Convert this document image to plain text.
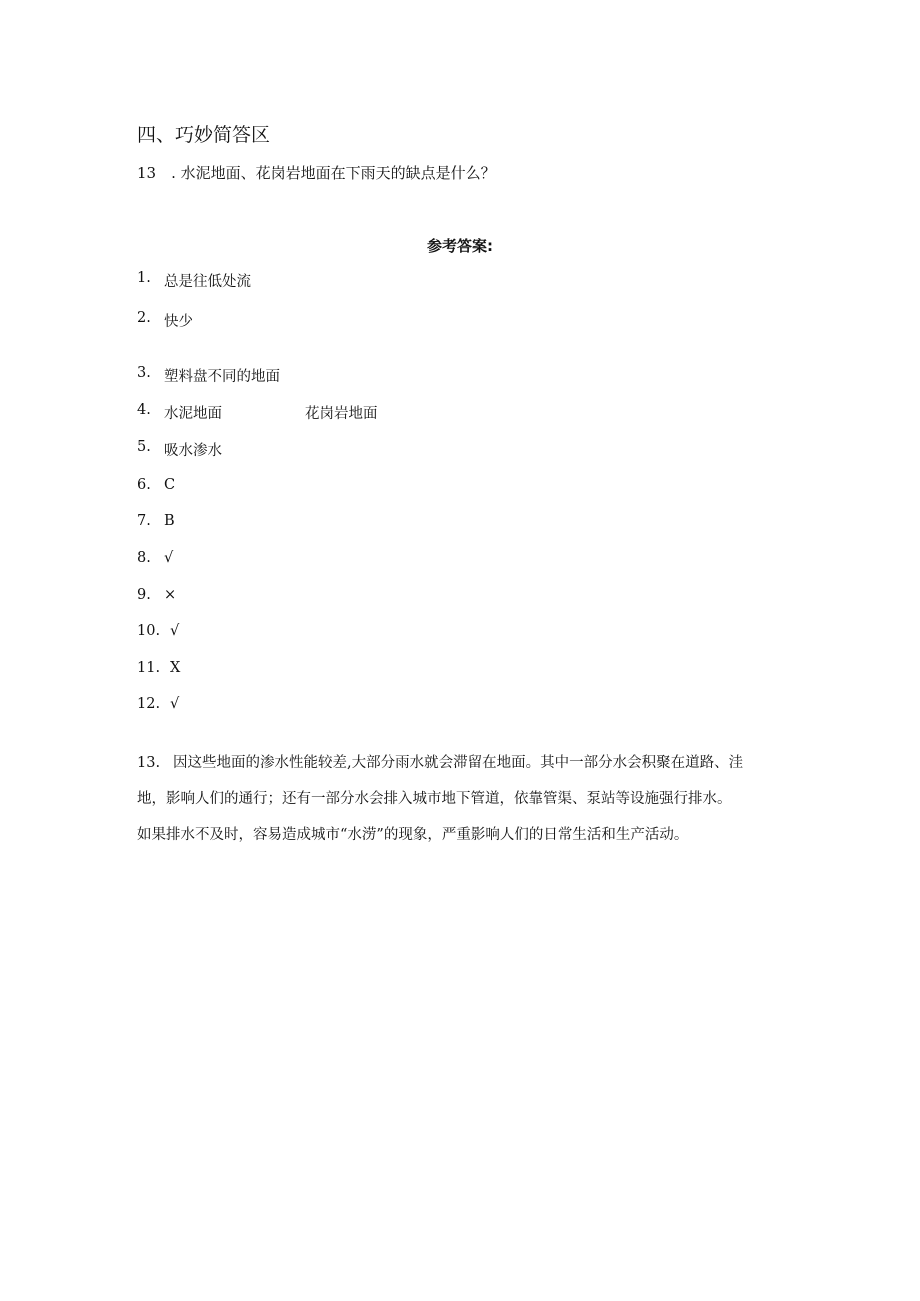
四、巧妙简答区
13　. 水泥地面、花岗岩地面在下雨天的缺点是什么？
参考答案:
1. 总是往低处流
2. 快少
3. 塑料盘不同的地面
4. 水泥地面	花岗岩地面
5. 吸水渗水
6. C
7. B
8. √
9. ×
10. √
11. X
12. √

13. 因这些地面的渗水性能较差,大部分雨水就会滞留在地面。其中一部分水会积聚在道路、洼

地，影响人们的通行；还有一部分水会排入城市地下管道，依靠管渠、泵站等设施强行排水。

如果排水不及时，容易造成城市“水涝”的现象，严重影响人们的日常生活和生产活动。
